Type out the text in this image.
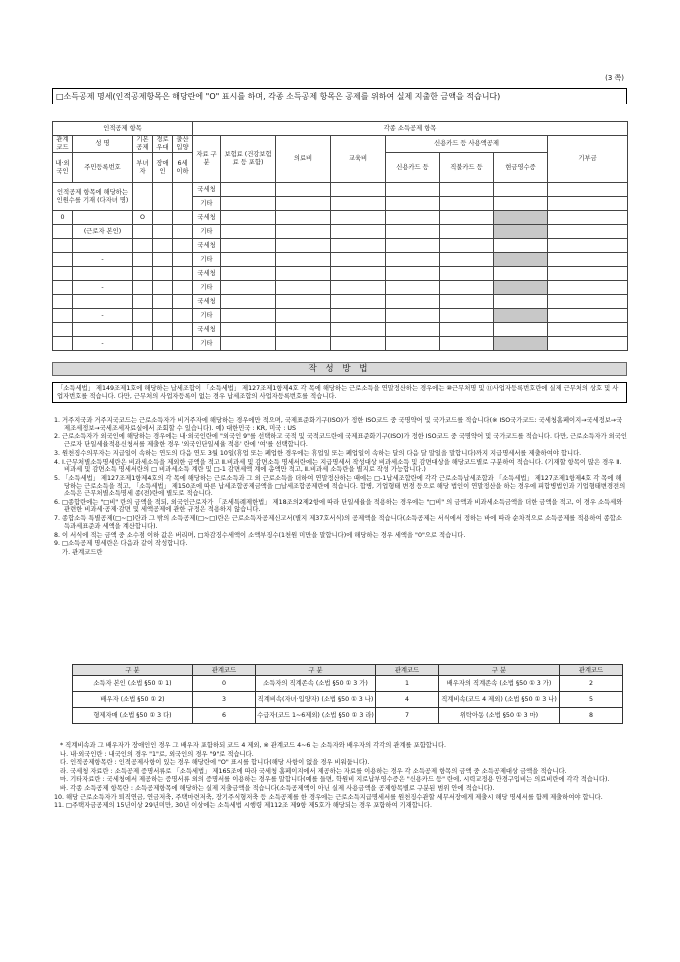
(3 쪽)
□소득공제 명세(인적공제항목은 해당란에 "O" 표시를 하며, 각종 소득공제 항목은 공제를 위하여 실제 지출한 금액을 적습니다)
인적공제 항목					각종 소득공제 항목							
관계 코드	성 명	기본 공제	경로 우대	출산 입양	자료 구분	보험료 (건강보험료 등 포함)	의료비	교육비	신용카드 등 사용액공제			기부금
내·외 국인	주민등록번호	부녀자	장애인	6세 이하					신용카드 등	직불카드 등	현금영수증	
인적공제 항목에 해당하는 인원수를 기재 (다자녀 명)					국세청							
					기타							
0		O			국세청							
	(근로자 본인)				기타							
					국세청							
	-				기타							
					국세청							
	-				기타							
					국세청							
	-				기타							
					국세청							
	-				기타							
작 성 방 법
「소득세법」 제149조제1호에 해당하는 납세조합이 「소득세법」 제127조제1항제4호 각 목에 해당하는 근로소득을 연말정산하는 경우에는 ⑩근무처명 및 ⑪사업자등록번호란에 실제 근무처의 상호 및 사업자번호를 적습니다. 다만, 근무처의 사업자등록이 없는 경우 납세조합의 사업자등록번호를 적습니다.

1. 거주지국과 거주지국코드는 근로소득자가 비거주자에 해당하는 경우에만 적으며, 국제표준화기구(ISO)가 정한 ISO코드 중 국명약어 및 국가코드를 적습니다(※ ISO국가코드: 국세청홈페이지→국세정보→국제조세정보→국세조세자료실에서 조회할 수 있습니다). 예) 대한민국 : KR, 미국 : US

2. 근로소득자가 외국인에 해당하는 경우에는 내·외국인란에 "외국인 9"를 선택하고 국적 및 국적코드란에 국제표준화기구(ISO)가 정한 ISO코드 중 국명약어 및 국가코드를 적습니다. 다만, 근로소득자가 외국인근로자 단일세율적용신청서를 제출한 경우 '외국인단일세율 적용' 란에 '여'를 선택합니다.

3. 원천징수의무자는 지급일이 속하는 연도의 다음 연도 3월 10일(휴업 또는 폐업한 경우에는 휴업일 또는 폐업일이 속하는 달의 다음 달 말일을 말합니다)까지 지급명세서를 제출하여야 합니다.

4. Ⅰ.근무처별소득명세란은 비과세소득을 제외한 금액을 적고 Ⅱ.비과세 및 감면소득 명세서란에는 지급명세서 작성대상 비과세소득 및 감면대상을 해당코드별로 구분하여 적습니다. (기재할 항목이 많은 경우 Ⅱ.비과세 및 감면소득 명세서란의 □ 비과세소득 계란 및 □-1 감면세액 계에 총액만 적고, Ⅱ.비과세 소득란을 별지로 작성 가능합니다.)

5. 「소득세법」 제127조제1항제4호의 각 목에 해당하는 근로소득과 그 외 근로소득을 더하여 연말정산하는 때에는 □-1납세조합란에 각각 근로소득납세조합과 「소득세법」 제127조제1항제4호 각 목에 해당하는 근로소득을 적고, 「소득세법」 제150조에 따른 납세조합공제금액을 □납세조합공제란에 적습니다. 합병, 기업형태 변경 등으로 해당 법인이 연말정산을 하는 경우에 피합병법인과 기업형태변경전의 소득은 근무처별소득명세 종(전)란에 별도로 적습니다.

6. □종합란에는 "□비" 란의 금액을 적되, 외국인근로자가 「조세특례제한법」 제18조의2제2항에 따라 단일세율을 적용하는 경우에는 "□비" 의 금액과 비과세소득금액을 더한 금액을 적고, 이 경우 소득세와 관련한 비과세·공제·감면 및 세액공제에 관한 규정은 적용하지 않습니다.

7. 종합소득 특별공제(□~□)란과 그 밖의 소득공제(□~□)란은 근로소득자공제신고서(별지 제37호서식)의 공제액을 적습니다(소득공제는 서식에서 정하는 바에 따라 순차적으로 소득공제를 적용하여 종합소득과세표준과 세액을 계산합니다).

8. 이 서식에 적는 금액 중 소수점 이하 값은 버리며, □차감징수세액이 소액부징수(1천원 미만을 말합니다)에 해당하는 경우 세액을 "0"으로 적습니다.

9. □소득공제 명세란은 다음과 같이 작성합니다.

가. 관계코드란

구 분	관계코드	구 분	관계코드	구 분	관계코드
소득자 본인 (소법 §50 ① 1)	0	소득자의 직계존속 (소법 §50 ① 3 가)	1	배우자의 직계존속 (소법 §50 ① 3 가)	2
배우자 (소법 §50 ① 2)	3	직계비속(자녀·입양자) (소법 §50 ① 3 나)	4	직계비속(코드 4 제외) (소법 §50 ① 3 나)	5
형제자매 (소법 §50 ① 3 다)	6	수급자(코드 1~6제외) (소법 §50 ① 3 라)	7	위탁아동 (소법 §50 ① 3 마)	8

* 직계비속과 그 배우자가 장애인인 경우 그 배우자 포함하되 코드 4 제외, ※ 관계코드 4~6 는 소득자와 배우자의 각각의 관계를 포함합니다.

나. 내·외국인란 : 내국인의 경우 "1"로, 외국인의 경우 "9"로 적습니다.

다. 인적공제항목란 : 인적공제사항이 있는 경우 해당란에 "O" 표시를 합니다(해당 사항이 없을 경우 비워둡니다).

라. 국세청 자료란 : 소득공제 증명서류로 「소득세법」 제165조에 따라 국세청 홈페이지에서 제공하는 자료를 이용하는 경우 각 소득공제 항목의 금액 중 소득공제대상 금액을 적습니다.

마. 기타자료란 : 국세청에서 제공하는 증명서류 외의 증명서를 이용하는 경우를 말합니다(예를 들면, 학원비 지로납부영수증은 "신용카드 등" 란에, 시력교정용 안경구입비는 의료비란에 각각 적습니다).

바. 각종 소득공제 항목란 : 소득공제항목에 해당하는 실제 지출금액을 적습니다(소득공제액이 아닌 실제 사용금액을 공제항목별로 구분된 범위 안에 적습니다).

10. 해당 근로소득자가 퇴직연금, 연금저축, 주택마련저축, 장기주식형저축 등 소득공제를 한 경우에는 근로소득지급명세서를 원천징수관할 세무서장에게 제출시 해당 명세서를 함께 제출하여야 합니다.

11. □주택자금공제의 15년이상 29년미만, 30년 이상에는 소득세법 시행령 제112조 제9항 제5호가 해당되는 경우 포함하여 기재합니다.
